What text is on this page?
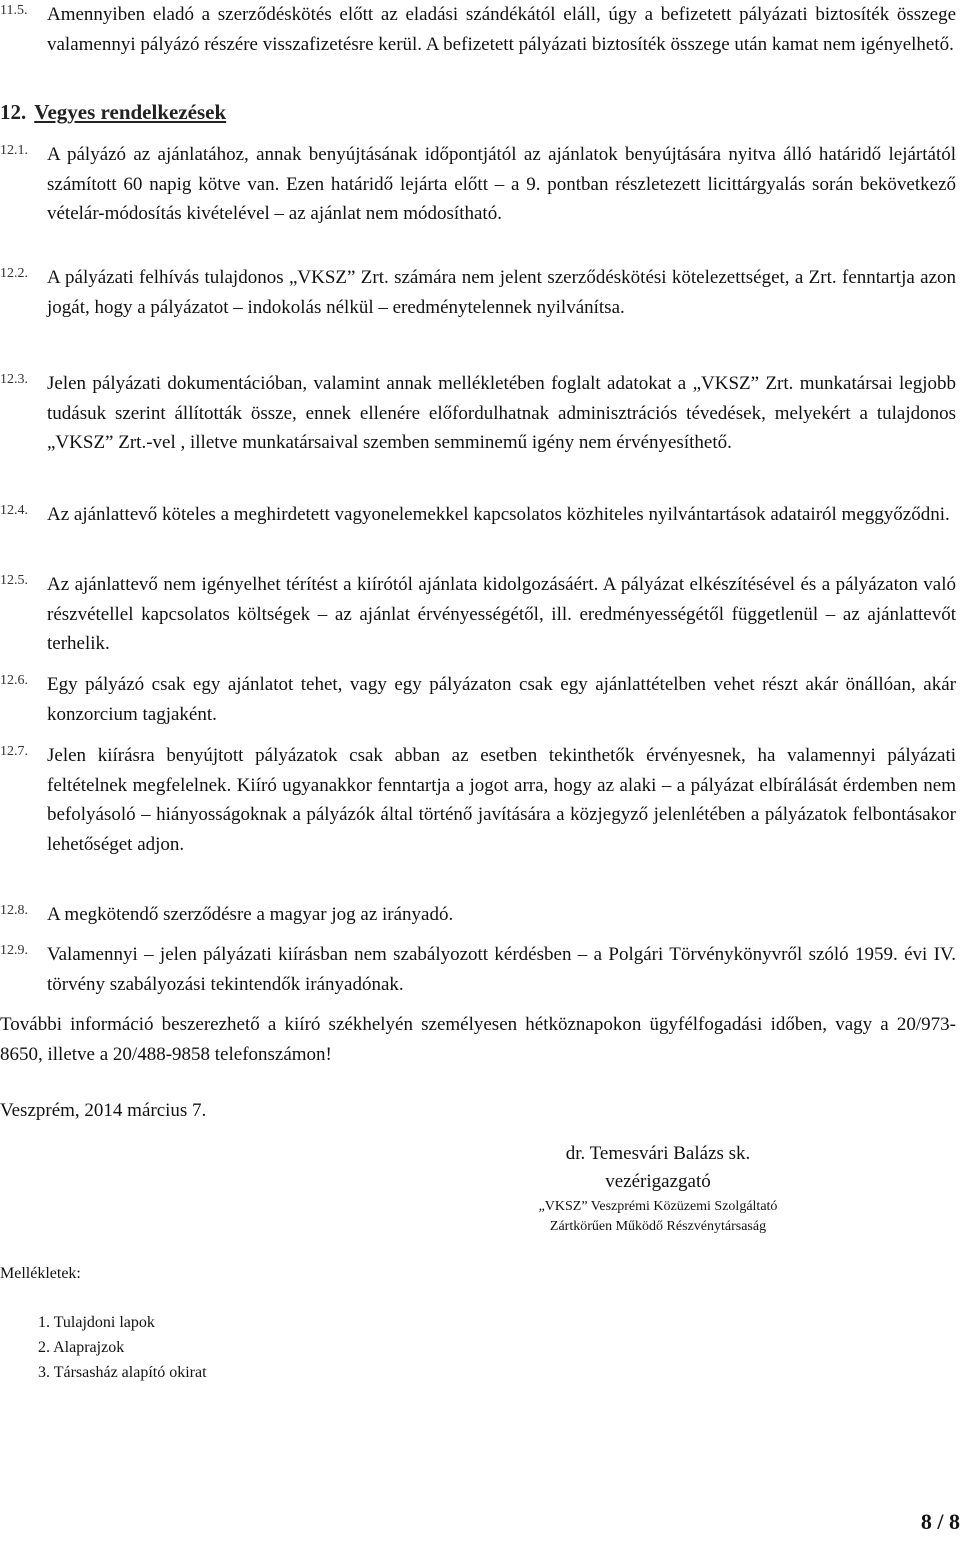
11.5. Amennyiben eladó a szerződéskötés előtt az eladási szándékától eláll, úgy a befizetett pályázati biztosíték összege valamennyi pályázó részére visszafizetésre kerül. A befizetett pályázati biztosíték összege után kamat nem igényelhető.
12. Vegyes rendelkezések
12.1. A pályázó az ajánlatához, annak benyújtásának időpontjától az ajánlatok benyújtására nyitva álló határidő lejártától számított 60 napig kötve van. Ezen határidő lejárta előtt – a 9. pontban részletezett licittárgyalás során bekövetkező vételár-módosítás kivételével – az ajánlat nem módosítható.
12.2. A pályázati felhívás tulajdonos „VKSZ” Zrt. számára nem jelent szerződéskötési kötelezettséget, a Zrt. fenntartja azon jogát, hogy a pályázatot – indokolás nélkül – eredménytelennek nyilvánítsa.
12.3. Jelen pályázati dokumentációban, valamint annak mellékletében foglalt adatokat a „VKSZ” Zrt. munkatársai legjobb tudásuk szerint állították össze, ennek ellenére előfordulhatnak adminisztrációs tévedések, melyekért a tulajdonos „VKSZ” Zrt.-vel , illetve munkatársaival szemben semminemű igény nem érvényesíthető.
12.4. Az ajánlattevő köteles a meghirdetett vagyonelemekkel kapcsolatos közhiteles nyilvántartások adatairól meggyőződni.
12.5. Az ajánlattevő nem igényelhet térítést a kiírótól ajánlata kidolgozásáért. A pályázat elkészítésével és a pályázaton való részvétellel kapcsolatos költségek – az ajánlat érvényességétől, ill. eredményességétől függetlenül – az ajánlattevőt terhelik.
12.6. Egy pályázó csak egy ajánlatot tehet, vagy egy pályázaton csak egy ajánlattételben vehet részt akár önállóan, akár konzorcium tagjaként.
12.7. Jelen kiírásra benyújtott pályázatok csak abban az esetben tekinthetők érvényesnek, ha valamennyi pályázati feltételnek megfelelnek. Kiíró ugyanakkor fenntartja a jogot arra, hogy az alaki – a pályázat elbírálását érdemben nem befolyásoló – hiányosságoknak a pályázók által történő javítására a közjegyző jelenlétében a pályázatok felbontásakor lehetőséget adjon.
12.8. A megkötendő szerződésre a magyar jog az irányadó.
12.9. Valamennyi – jelen pályázati kiírásban nem szabályozott kérdésben – a Polgári Törvénykönyvről szóló 1959. évi IV. törvény szabályozási tekintendők irányadónak.
További információ beszerezhető a kiíró székhelyén személyesen hétköznapokon ügyfélfogadási időben, vagy a 20/973-8650, illetve a 20/488-9858 telefonszámon!
Veszprém, 2014 március 7.
dr. Temesvári Balázs sk.
vezérigazgató
„VKSZ” Veszprémi Közüzemi Szolgáltató
Zártkörűen Működő Részvénytársaság
Mellékletek:
1. Tulajdoni lapok
2. Alaprajzok
3. Társasház alapító okirat
8 / 8
